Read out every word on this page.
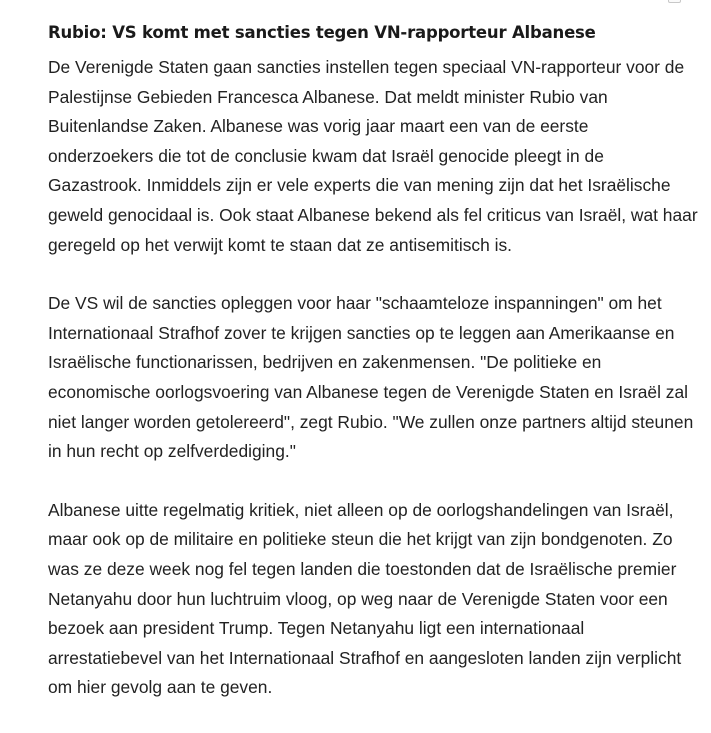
Rubio: VS komt met sancties tegen VN-rapporteur Albanese

De Verenigde Staten gaan sancties instellen tegen speciaal VN-rapporteur voor de Palestijnse Gebieden Francesca Albanese. Dat meldt minister Rubio van Buitenlandse Zaken. Albanese was vorig jaar maart een van de eerste onderzoekers die tot de conclusie kwam dat Israël genocide pleegt in de Gazastrook. Inmiddels zijn er vele experts die van mening zijn dat het Israëlische geweld genocidaal is. Ook staat Albanese bekend als fel criticus van Israël, wat haar geregeld op het verwijt komt te staan dat ze antisemitisch is.

De VS wil de sancties opleggen voor haar "schaamteloze inspanningen" om het Internationaal Strafhof zover te krijgen sancties op te leggen aan Amerikaanse en Israëlische functionarissen, bedrijven en zakenmensen. "De politieke en economische oorlogsvoering van Albanese tegen de Verenigde Staten en Israël zal niet langer worden getolereerd", zegt Rubio. "We zullen onze partners altijd steunen in hun recht op zelfverdediging."

Albanese uitte regelmatig kritiek, niet alleen op de oorlogshandelingen van Israël, maar ook op de militaire en politieke steun die het krijgt van zijn bondgenoten. Zo was ze deze week nog fel tegen landen die toestonden dat de Israëlische premier Netanyahu door hun luchtruim vloog, op weg naar de Verenigde Staten voor een bezoek aan president Trump. Tegen Netanyahu ligt een internationaal arrestatiebevel van het Internationaal Strafhof en aangesloten landen zijn verplicht om hier gevolg aan te geven.
